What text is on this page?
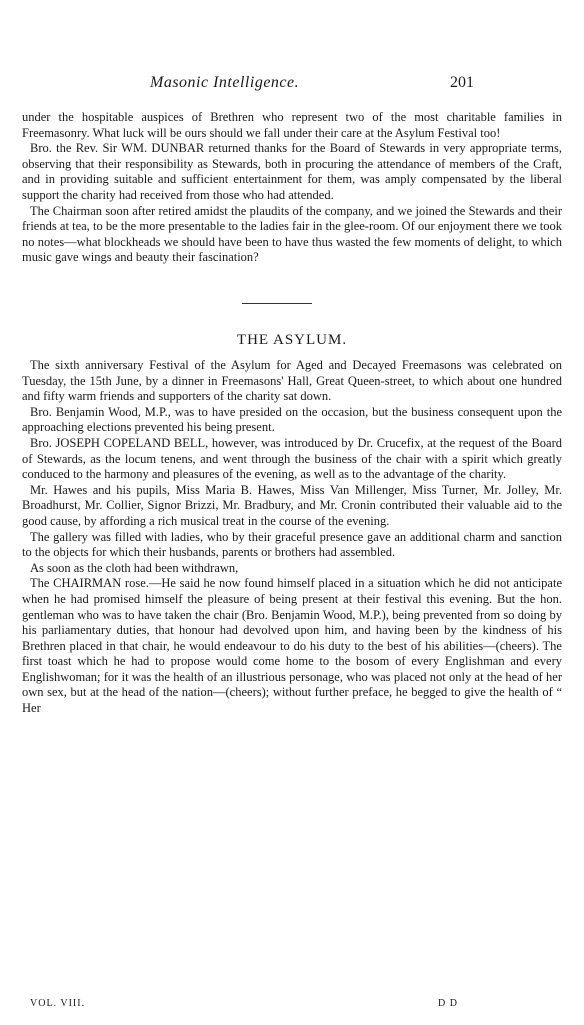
Masonic Intelligence.	201

under the hospitable auspices of Brethren who represent two of the most charitable families in Freemasonry. What luck will be ours should we fall under their care at the Asylum Festival too!

Bro. the Rev. Sir WM. DUNBAR returned thanks for the Board of Stewards in very appropriate terms, observing that their responsibility as Stewards, both in procuring the attendance of members of the Craft, and in providing suitable and sufficient entertainment for them, was amply compensated by the liberal support the charity had received from those who had attended.

The Chairman soon after retired amidst the plaudits of the company, and we joined the Stewards and their friends at tea, to be the more presentable to the ladies fair in the glee-room. Of our enjoyment there we took no notes—what blockheads we should have been to have thus wasted the few moments of delight, to which music gave wings and beauty their fascination?

THE ASYLUM.

The sixth anniversary Festival of the Asylum for Aged and Decayed Freemasons was celebrated on Tuesday, the 15th June, by a dinner in Freemasons' Hall, Great Queen-street, to which about one hundred and fifty warm friends and supporters of the charity sat down.

Bro. Benjamin Wood, M.P., was to have presided on the occasion, but the business consequent upon the approaching elections prevented his being present.

Bro. JOSEPH COPELAND BELL, however, was introduced by Dr. Crucefix, at the request of the Board of Stewards, as the locum tenens, and went through the business of the chair with a spirit which greatly conduced to the harmony and pleasures of the evening, as well as to the advantage of the charity.

Mr. Hawes and his pupils, Miss Maria B. Hawes, Miss Van Millenger, Miss Turner, Mr. Jolley, Mr. Broadhurst, Mr. Collier, Signor Brizzi, Mr. Bradbury, and Mr. Cronin contributed their valuable aid to the good cause, by affording a rich musical treat in the course of the evening.

The gallery was filled with ladies, who by their graceful presence gave an additional charm and sanction to the objects for which their husbands, parents or brothers had assembled.

As soon as the cloth had been withdrawn,

The CHAIRMAN rose.—He said he now found himself placed in a situation which he did not anticipate when he had promised himself the pleasure of being present at their festival this evening. But the hon. gentleman who was to have taken the chair (Bro. Benjamin Wood, M.P.), being prevented from so doing by his parliamentary duties, that honour had devolved upon him, and having been by the kindness of his Brethren placed in that chair, he would endeavour to do his duty to the best of his abilities—(cheers). The first toast which he had to propose would come home to the bosom of every Englishman and every Englishwoman; for it was the health of an illustrious personage, who was placed not only at the head of her own sex, but at the head of the nation—(cheers); without further preface, he begged to give the health of “ Her

VOL. VIII.	D D
